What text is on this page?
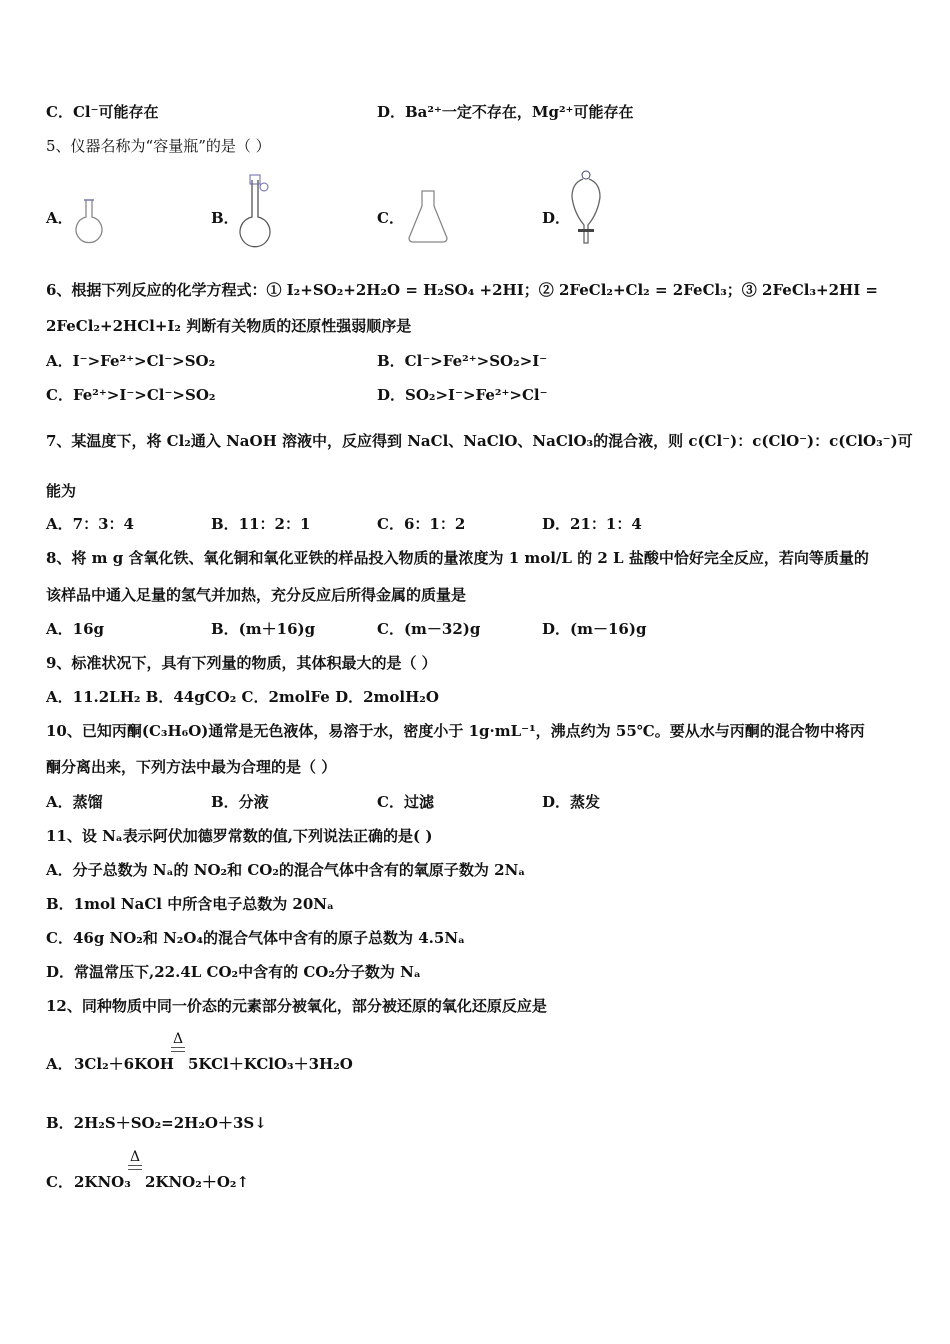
C．Cl⁻可能存在	D．Ba²⁺一定不存在，Mg²⁺可能存在
5、仪器名称为“容量瓶”的是（ ）
A．	B．	C．	D．
6、根据下列反应的化学方程式：① I₂+SO₂+2H₂O = H₂SO₄ +2HI；② 2FeCl₂+Cl₂ = 2FeCl₃；③ 2FeCl₃+2HI =
2FeCl₂+2HCl+I₂ 判断有关物质的还原性强弱顺序是
A．I⁻>Fe²⁺>Cl⁻>SO₂	B．Cl⁻>Fe²⁺>SO₂>I⁻
C．Fe²⁺>I⁻>Cl⁻>SO₂	D．SO₂>I⁻>Fe²⁺>Cl⁻
7、某温度下，将 Cl₂通入 NaOH 溶液中，反应得到 NaCl、NaClO、NaClO₃的混合液，则 c(Cl⁻)：c(ClO⁻)：c(ClO₃⁻)可
能为
A．7：3：4	B．11：2：1	C．6：1：2	D．21：1：4
8、将 m g 含氧化铁、氧化铜和氧化亚铁的样品投入物质的量浓度为 1 mol/L 的 2 L 盐酸中恰好完全反应，若向等质量的
该样品中通入足量的氢气并加热，充分反应后所得金属的质量是
A．16g	B．(m＋16)g	C．(m－32)g	D．(m－16)g
9、标准状况下，具有下列量的物质，其体积最大的是（ ）
A．11.2LH₂ B．44gCO₂ C．2molFe D．2molH₂O
10、已知丙酮(C₃H₆O)通常是无色液体，易溶于水，密度小于 1g·mL⁻¹，沸点约为 55℃。要从水与丙酮的混合物中将丙
酮分离出来，下列方法中最为合理的是（ ）
A．蒸馏	B．分液	C．过滤	D．蒸发
11、设 Nₐ表示阿伏加德罗常数的值,下列说法正确的是( )
A．分子总数为 Nₐ的 NO₂和 CO₂的混合气体中含有的氧原子数为 2Nₐ
B．1mol NaCl 中所含电子总数为 20Nₐ
C．46g NO₂和 N₂O₄的混合气体中含有的原子总数为 4.5Nₐ
D．常温常压下,22.4L CO₂中含有的 CO₂分子数为 Nₐ
12、同种物质中同一价态的元素部分被氧化，部分被还原的氧化还原反应是
A． 3Cl₂＋6KOH
Δ
5KCl＋KClO₃＋3H₂O
B．2H₂S＋SO₂=2H₂O＋3S↓
C． 2KNO₃
Δ
2KNO₂＋O₂↑
